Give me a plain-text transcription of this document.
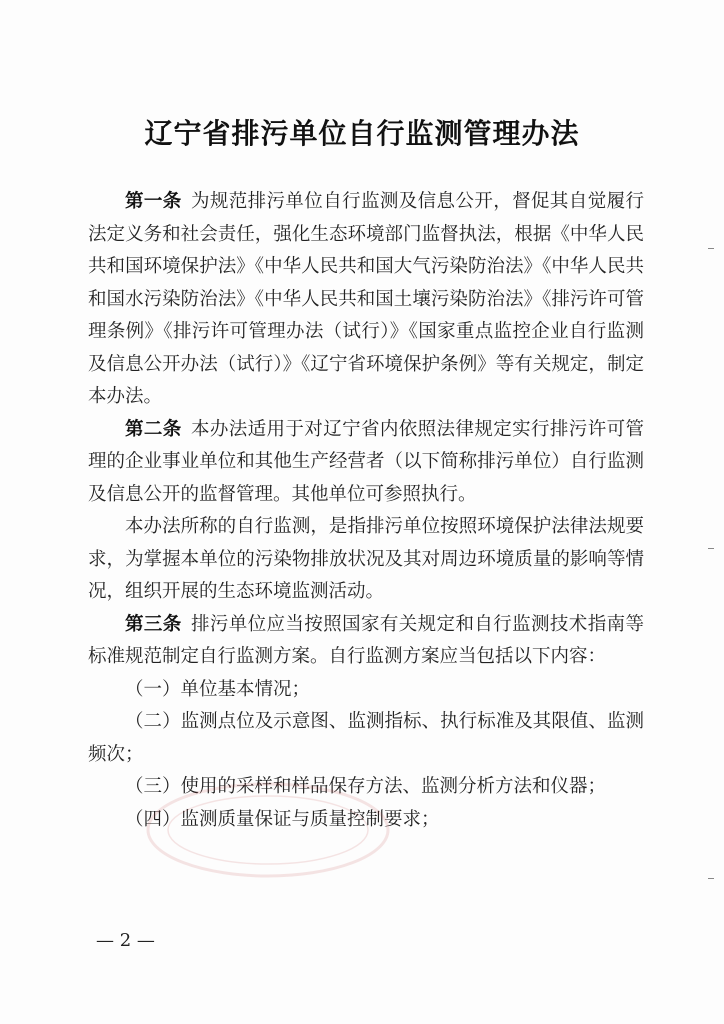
辽宁省排污单位自行监测管理办法

第一条 为规范排污单位自行监测及信息公开，督促其自觉履行法定义务和社会责任，强化生态环境部门监督执法，根据《中华人民共和国环境保护法》《中华人民共和国大气污染防治法》《中华人民共和国水污染防治法》《中华人民共和国土壤污染防治法》《排污许可管理条例》《排污许可管理办法（试行）》《国家重点监控企业自行监测及信息公开办法（试行）》《辽宁省环境保护条例》等有关规定，制定本办法。

第二条 本办法适用于对辽宁省内依照法律规定实行排污许可管理的企业事业单位和其他生产经营者（以下简称排污单位）自行监测及信息公开的监督管理。其他单位可参照执行。

本办法所称的自行监测，是指排污单位按照环境保护法律法规要求，为掌握本单位的污染物排放状况及其对周边环境质量的影响等情况，组织开展的生态环境监测活动。

第三条 排污单位应当按照国家有关规定和自行监测技术指南等标准规范制定自行监测方案。自行监测方案应当包括以下内容：

（一）单位基本情况；

（二）监测点位及示意图、监测指标、执行标准及其限值、监测频次；

（三）使用的采样和样品保存方法、监测分析方法和仪器；

（四）监测质量保证与质量控制要求；

— 2 —
